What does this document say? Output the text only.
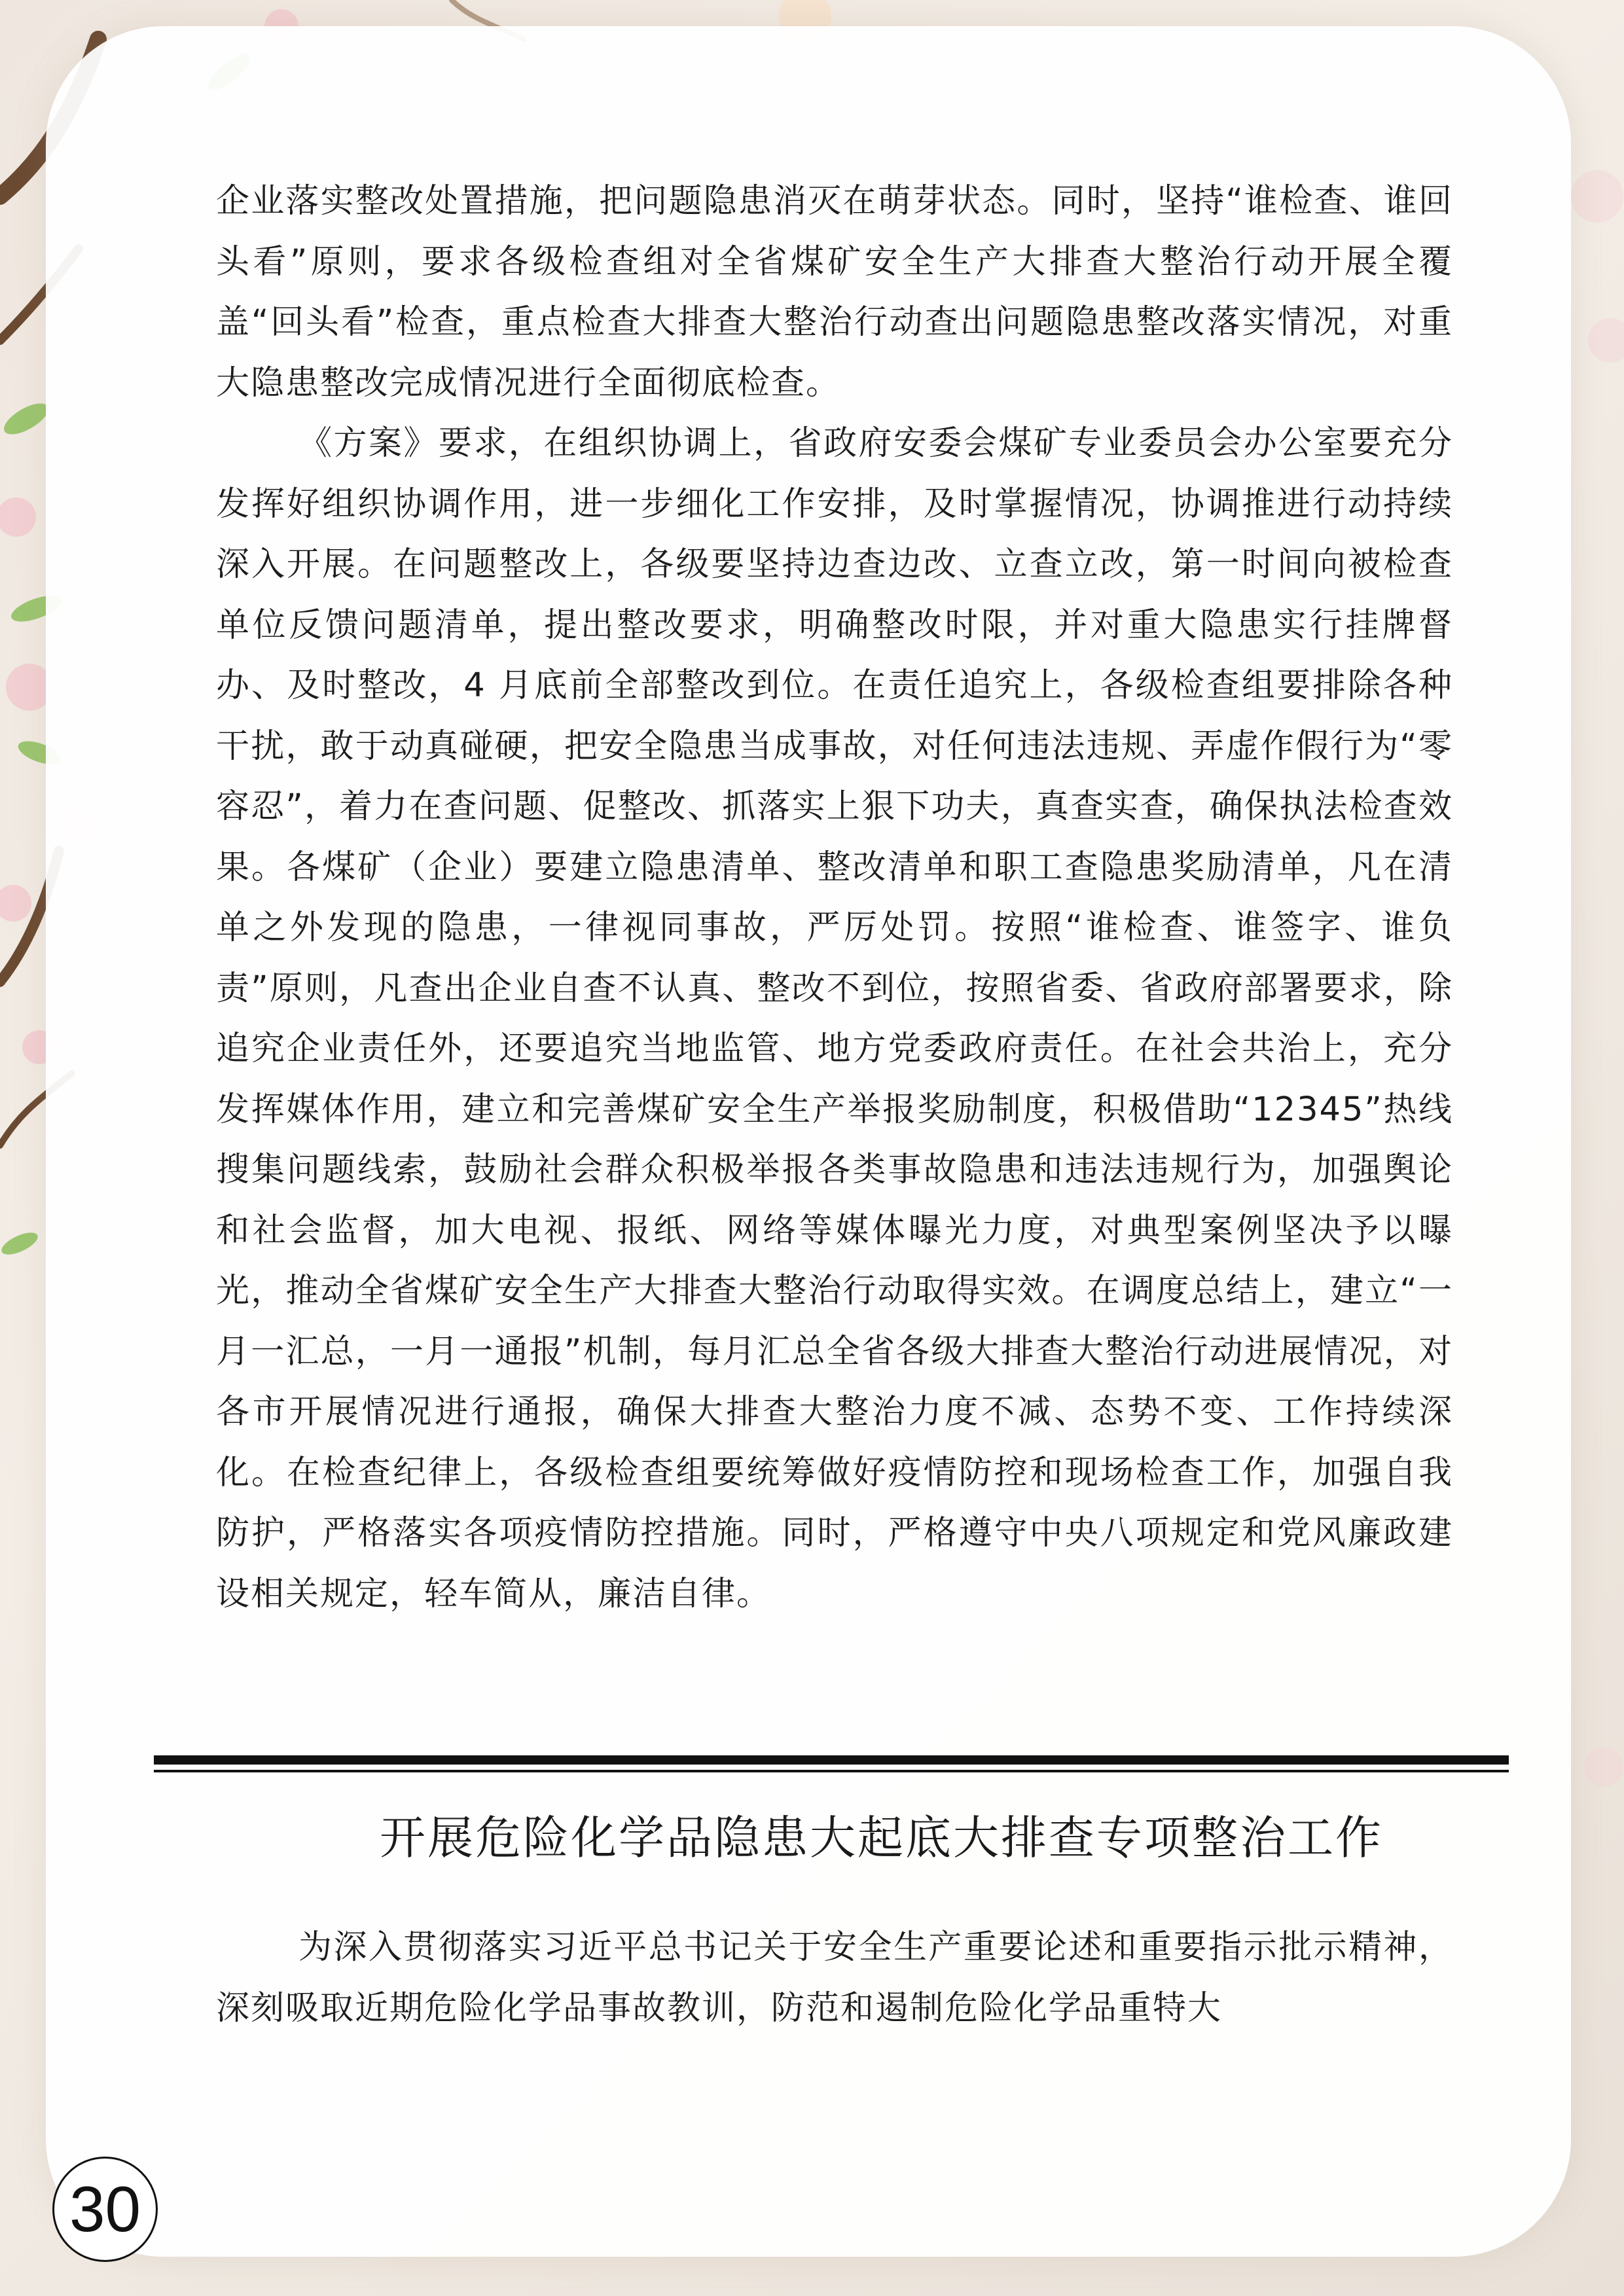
企业落实整改处置措施，把问题隐患消灭在萌芽状态。同时，坚持“谁检查、谁回头看”原则，要求各级检查组对全省煤矿安全生产大排查大整治行动开展全覆盖“回头看”检查，重点检查大排查大整治行动查出问题隐患整改落实情况，对重大隐患整改完成情况进行全面彻底检查。

《方案》要求，在组织协调上，省政府安委会煤矿专业委员会办公室要充分发挥好组织协调作用，进一步细化工作安排，及时掌握情况，协调推进行动持续深入开展。在问题整改上，各级要坚持边查边改、立查立改，第一时间向被检查单位反馈问题清单，提出整改要求，明确整改时限，并对重大隐患实行挂牌督办、及时整改，4 月底前全部整改到位。在责任追究上，各级检查组要排除各种干扰，敢于动真碰硬，把安全隐患当成事故，对任何违法违规、弄虚作假行为“零容忍”，着力在查问题、促整改、抓落实上狠下功夫，真查实查，确保执法检查效果。各煤矿（企业）要建立隐患清单、整改清单和职工查隐患奖励清单，凡在清单之外发现的隐患，一律视同事故，严厉处罚。按照“谁检查、谁签字、谁负责”原则，凡查出企业自查不认真、整改不到位，按照省委、省政府部署要求，除追究企业责任外，还要追究当地监管、地方党委政府责任。在社会共治上，充分发挥媒体作用，建立和完善煤矿安全生产举报奖励制度，积极借助“12345”热线搜集问题线索，鼓励社会群众积极举报各类事故隐患和违法违规行为，加强舆论和社会监督，加大电视、报纸、网络等媒体曝光力度，对典型案例坚决予以曝光，推动全省煤矿安全生产大排查大整治行动取得实效。在调度总结上，建立“一月一汇总，一月一通报”机制，每月汇总全省各级大排查大整治行动进展情况，对各市开展情况进行通报，确保大排查大整治力度不减、态势不变、工作持续深化。在检查纪律上，各级检查组要统筹做好疫情防控和现场检查工作，加强自我防护，严格落实各项疫情防控措施。同时，严格遵守中央八项规定和党风廉政建设相关规定，轻车简从，廉洁自律。

开展危险化学品隐患大起底大排查专项整治工作

为深入贯彻落实习近平总书记关于安全生产重要论述和重要指示批示精神，深刻吸取近期危险化学品事故教训，防范和遏制危险化学品重特大

30
